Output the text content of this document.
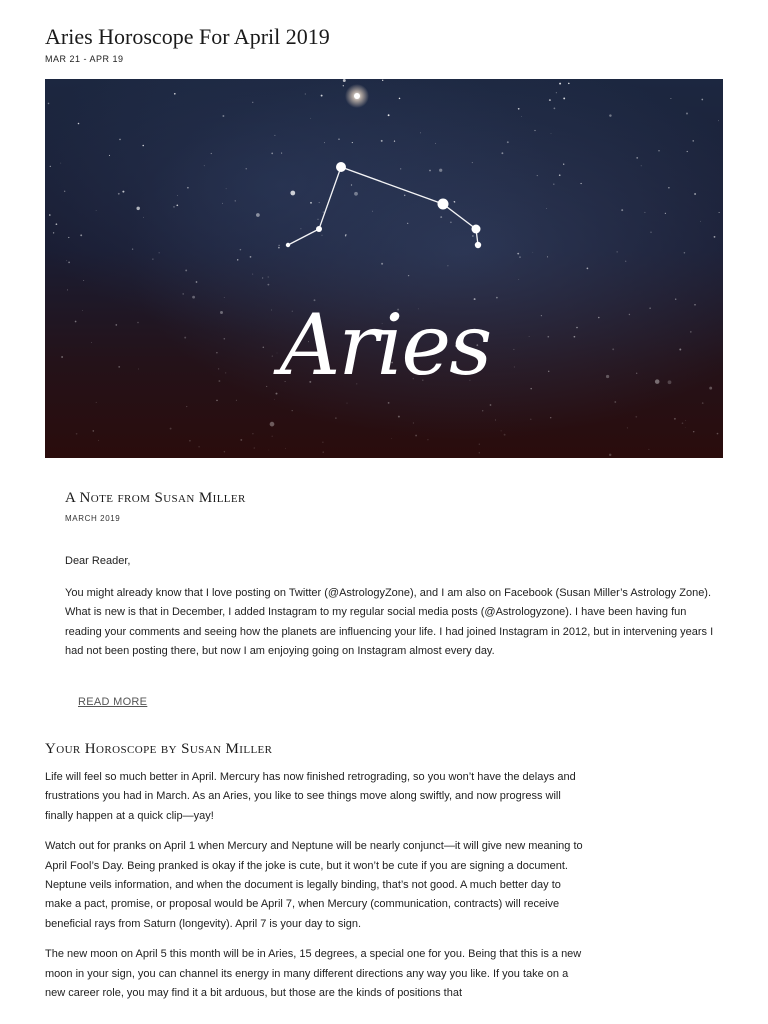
Aries Horoscope For April 2019
MAR 21 - APR 19
Aries
A Note from Susan Miller
MARCH 2019

Dear Reader,

You might already know that I love posting on Twitter (@AstrologyZone), and I am also on Facebook (Susan Miller’s Astrology Zone). What is new is that in December, I added Instagram to my regular social media posts (@Astrologyzone). I have been having fun reading your comments and seeing how the planets are influencing your life. I had joined Instagram in 2012, but in intervening years I had not been posting there, but now I am enjoying going on Instagram almost every day.

READ MORE
Your Horoscope by Susan Miller

Life will feel so much better in April. Mercury has now finished retrograding, so you won’t have the delays and frustrations you had in March. As an Aries, you like to see things move along swiftly, and now progress will finally happen at a quick clip—yay!

Watch out for pranks on April 1 when Mercury and Neptune will be nearly conjunct—it will give new meaning to April Fool’s Day. Being pranked is okay if the joke is cute, but it won’t be cute if you are signing a document. Neptune veils information, and when the document is legally binding, that’s not good. A much better day to make a pact, promise, or proposal would be April 7, when Mercury (communication, contracts) will receive beneficial rays from Saturn (longevity). April 7 is your day to sign.

The new moon on April 5 this month will be in Aries, 15 degrees, a special one for you. Being that this is a new moon in your sign, you can channel its energy in many different directions any way you like. If you take on a new career role, you may find it a bit arduous, but those are the kinds of positions that
